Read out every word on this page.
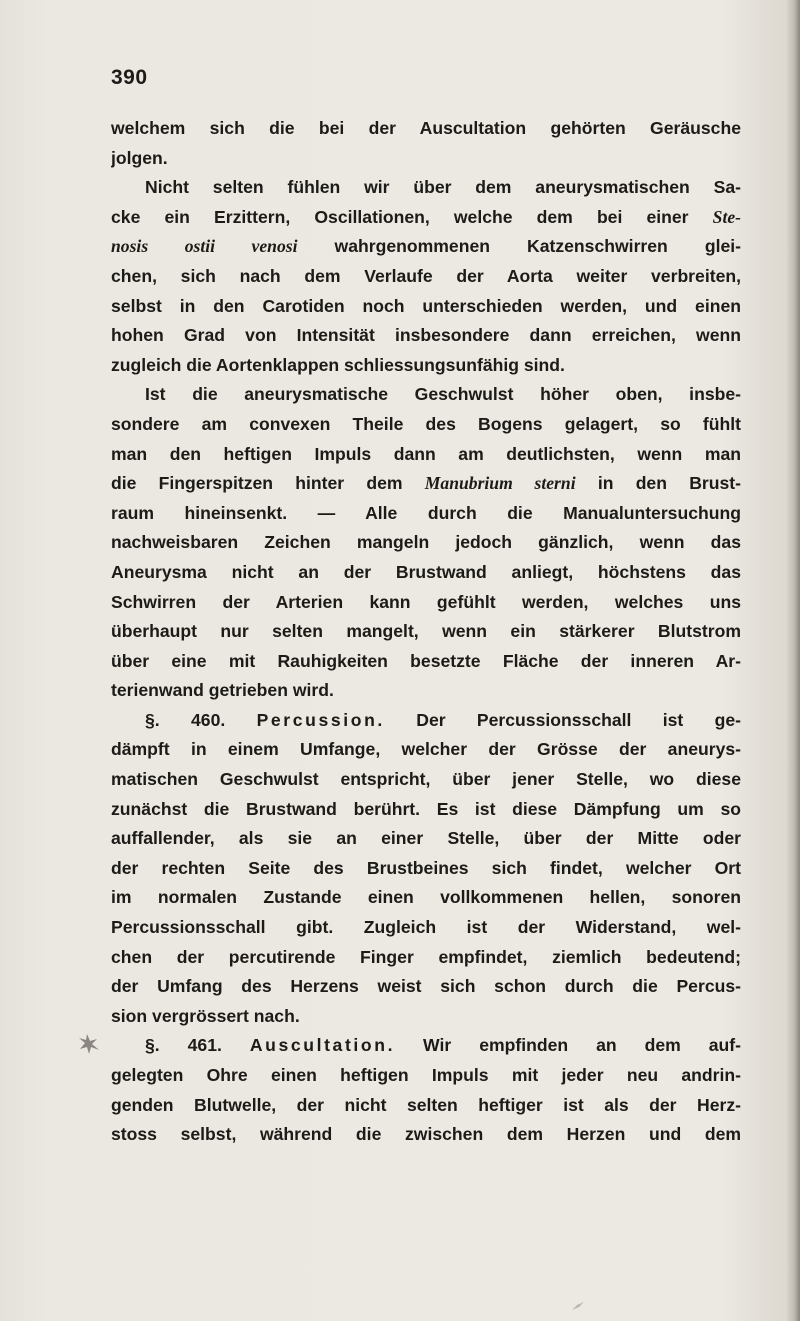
390
welchem sich die bei der Auscultation gehörten Geräusche
jolgen.
Nicht selten fühlen wir über dem aneurysmatischen Sa-
cke ein Erzittern, Oscillationen, welche dem bei einer Ste-
nosis ostii venosi wahrgenommenen Katzenschwirren glei-
chen, sich nach dem Verlaufe der Aorta weiter verbreiten,
selbst in den Carotiden noch unterschieden werden, und einen
hohen Grad von Intensität insbesondere dann erreichen, wenn
zugleich die Aortenklappen schliessungsunfähig sind.
Ist die aneurysmatische Geschwulst höher oben, insbe-
sondere am convexen Theile des Bogens gelagert, so fühlt
man den heftigen Impuls dann am deutlichsten, wenn man
die Fingerspitzen hinter dem Manubrium sterni in den Brust-
raum hineinsenkt. — Alle durch die Manualuntersuchung
nachweisbaren Zeichen mangeln jedoch gänzlich, wenn das
Aneurysma nicht an der Brustwand anliegt, höchstens das
Schwirren der Arterien kann gefühlt werden, welches uns
überhaupt nur selten mangelt, wenn ein stärkerer Blutstrom
über eine mit Rauhigkeiten besetzte Fläche der inneren Ar-
terienwand getrieben wird.
§. 460. Percussion. Der Percussionsschall ist ge-
dämpft in einem Umfange, welcher der Grösse der aneurys-
matischen Geschwulst entspricht, über jener Stelle, wo diese
zunächst die Brustwand berührt. Es ist diese Dämpfung um so
auffallender, als sie an einer Stelle, über der Mitte oder
der rechten Seite des Brustbeines sich findet, welcher Ort
im normalen Zustande einen vollkommenen hellen, sonoren
Percussionsschall gibt. Zugleich ist der Widerstand, wel-
chen der percutirende Finger empfindet, ziemlich bedeutend;
der Umfang des Herzens weist sich schon durch die Percus-
sion vergrössert nach.
§. 461. Auscultation. Wir empfinden an dem auf-
gelegten Ohre einen heftigen Impuls mit jeder neu andrin-
genden Blutwelle, der nicht selten heftiger ist als der Herz-
stoss selbst, während die zwischen dem Herzen und dem
